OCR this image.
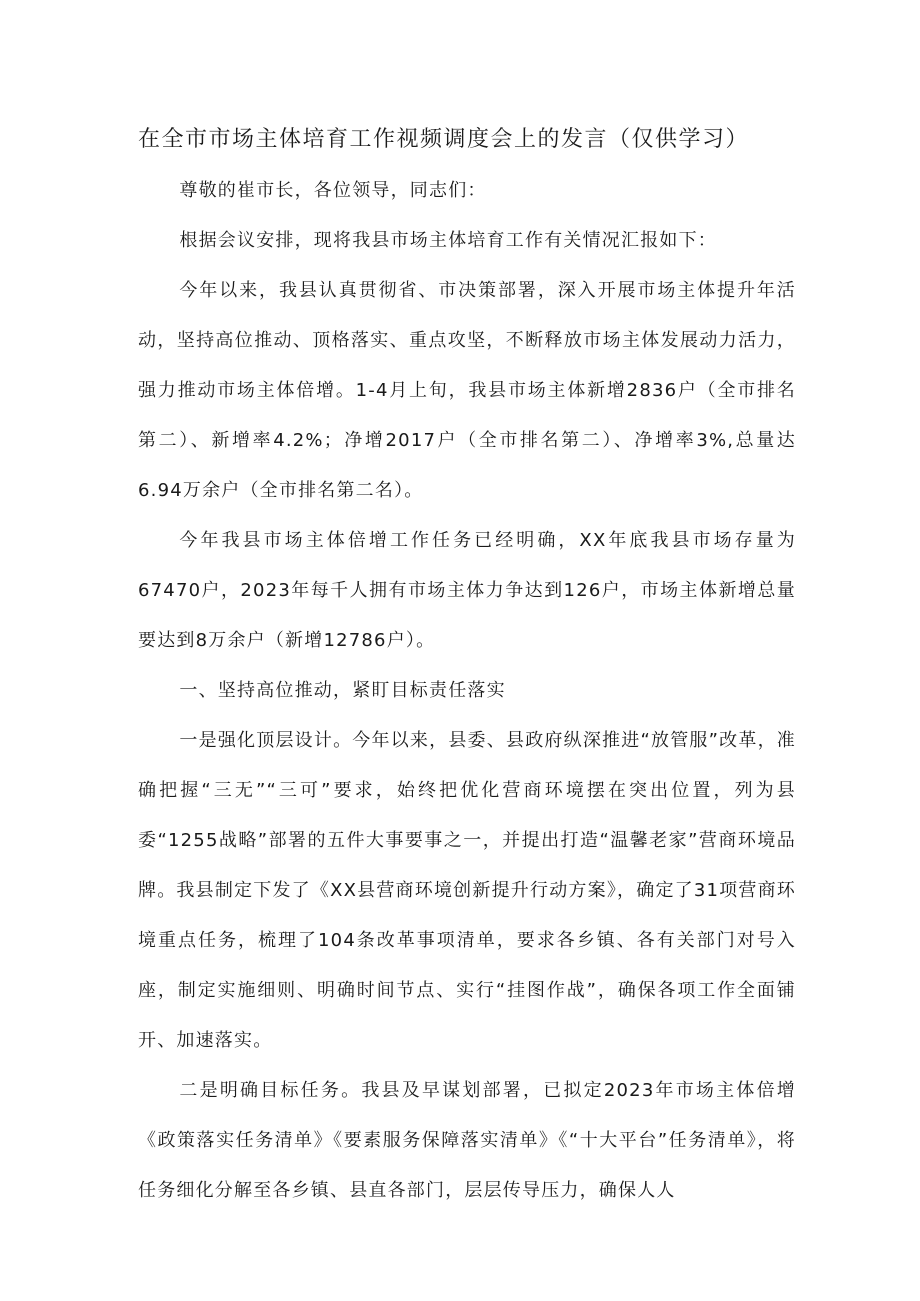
在全市市场主体培育工作视频调度会上的发言（仅供学习）

尊敬的崔市长，各位领导，同志们：

根据会议安排，现将我县市场主体培育工作有关情况汇报如下：

今年以来，我县认真贯彻省、市决策部署，深入开展市场主体提升年活动，坚持高位推动、顶格落实、重点攻坚，不断释放市场主体发展动力活力，强力推动市场主体倍增。1-4月上旬，我县市场主体新增2836户（全市排名第二）、新增率4.2%；净增2017户（全市排名第二）、净增率3%,总量达6.94万余户（全市排名第二名）。

今年我县市场主体倍增工作任务已经明确，XX年底我县市场存量为67470户，2023年每千人拥有市场主体力争达到126户，市场主体新增总量要达到8万余户（新增12786户）。

一、坚持高位推动，紧盯目标责任落实

一是强化顶层设计。今年以来，县委、县政府纵深推进“放管服”改革，准确把握“三无”“三可”要求，始终把优化营商环境摆在突出位置，列为县委“1255战略”部署的五件大事要事之一，并提出打造“温馨老家”营商环境品牌。我县制定下发了《XX县营商环境创新提升行动方案》，确定了31项营商环境重点任务，梳理了104条改革事项清单，要求各乡镇、各有关部门对号入座，制定实施细则、明确时间节点、实行“挂图作战”，确保各项工作全面铺开、加速落实。

二是明确目标任务。我县及早谋划部署，已拟定2023年市场主体倍增《政策落实任务清单》《要素服务保障落实清单》《“十大平台”任务清单》，将任务细化分解至各乡镇、县直各部门，层层传导压力，确保人人
